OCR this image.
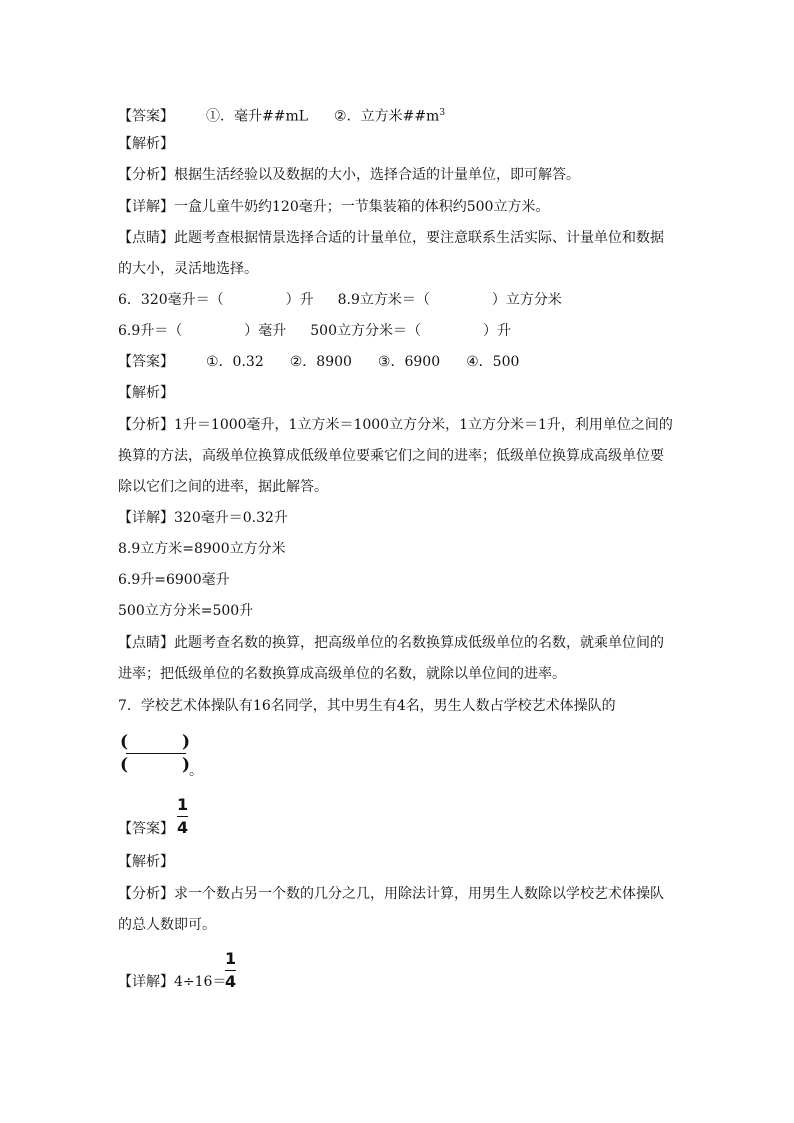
【答案】 ①．毫升##mL ②．立方米$\#\#m^3$
【解析】
【分析】根据生活经验以及数据的大小，选择合适的计量单位，即可解答。
【详解】一盒儿童牛奶约120毫升；一节集装箱的体积约500立方米。
【点睛】此题考查根据情景选择合适的计量单位，要注意联系生活实际、计量单位和数据
的大小，灵活地选择。
6．320毫升＝（	）升 8.9立方米＝（	）立方分米
6.9升＝（	）毫升 500立方分米＝（	）升
【答案】 ①．0.32 ②．8900 ③．6900 ④．500
【解析】
【分析】1升＝1000毫升，1立方米＝1000立方分米，1立方分米＝1升，利用单位之间的
换算的方法，高级单位换算成低级单位要乘它们之间的进率；低级单位换算成高级单位要
除以它们之间的进率，据此解答。
【详解】320毫升＝0.32升
8.9立方米=8900立方分米
6.9升=6900毫升
500立方分米=500升
【点睛】此题考查名数的换算，把高级单位的名数换算成低级单位的名数，就乘单位间的
进率；把低级单位的名数换算成高级单位的名数，就除以单位间的进率。
7．学校艺术体操队有16名同学，其中男生有4名，男生人数占学校艺术体操队的
(	)
(	) 。
【答案】
1
4
【解析】
【分析】求一个数占另一个数的几分之几，用除法计算，用男生人数除以学校艺术体操队
的总人数即可。
【详解】4÷16＝
1
4
